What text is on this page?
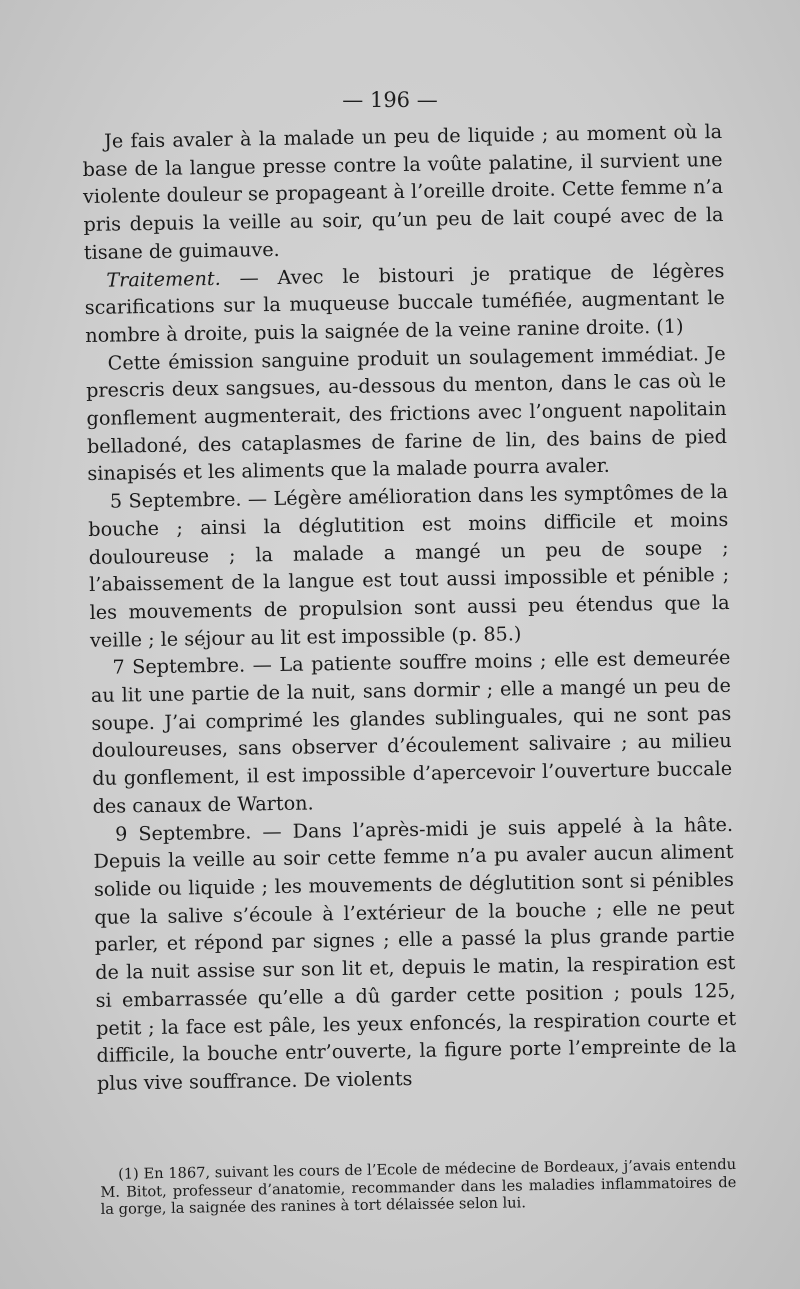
— 196 —

Je fais avaler à la malade un peu de liquide ; au moment où la base de la langue presse contre la voûte palatine, il survient une violente douleur se propageant à l’oreille droite. Cette femme n’a pris depuis la veille au soir, qu’un peu de lait coupé avec de la tisane de guimauve.

Traitement. — Avec le bistouri je pratique de légères scarifications sur la muqueuse buccale tuméfiée, augmentant le nombre à droite, puis la saignée de la veine ranine droite. (1)

Cette émission sanguine produit un soulagement immédiat. Je prescris deux sangsues, au-dessous du menton, dans le cas où le gonflement augmenterait, des frictions avec l’onguent napolitain belladoné, des cataplasmes de farine de lin, des bains de pied sinapisés et les aliments que la malade pourra avaler.

5 Septembre. — Légère amélioration dans les symptômes de la bouche ; ainsi la déglutition est moins difficile et moins douloureuse ; la malade a mangé un peu de soupe ; l’abaissement de la langue est tout aussi impossible et pénible ; les mouvements de propulsion sont aussi peu étendus que la veille ; le séjour au lit est impossible (p. 85.)

7 Septembre. — La patiente souffre moins ; elle est demeurée au lit une partie de la nuit, sans dormir ; elle a mangé un peu de soupe. J’ai comprimé les glandes sublinguales, qui ne sont pas douloureuses, sans observer d’écoulement salivaire ; au milieu du gonflement, il est impossible d’apercevoir l’ouverture buccale des canaux de Warton.

9 Septembre. — Dans l’après-midi je suis appelé à la hâte. Depuis la veille au soir cette femme n’a pu avaler aucun aliment solide ou liquide ; les mouvements de déglutition sont si pénibles que la salive s’écoule à l’extérieur de la bouche ; elle ne peut parler, et répond par signes ; elle a passé la plus grande partie de la nuit assise sur son lit et, depuis le matin, la respiration est si embarrassée qu’elle a dû garder cette position ; pouls 125, petit ; la face est pâle, les yeux enfoncés, la respiration courte et difficile, la bouche entr’ouverte, la figure porte l’empreinte de la plus vive souffrance. De violents

(1) En 1867, suivant les cours de l’Ecole de médecine de Bordeaux, j’avais entendu M. Bitot, professeur d’anatomie, recommander dans les maladies inflammatoires de la gorge, la saignée des ranines à tort délaissée selon lui.
